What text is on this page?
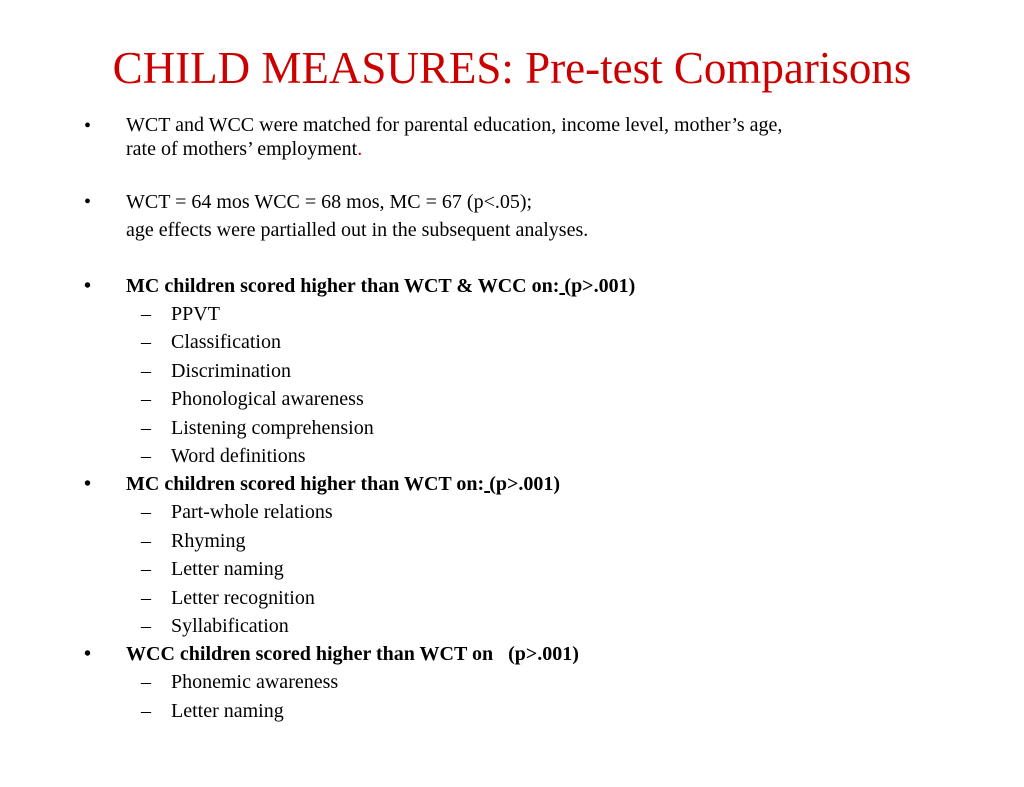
CHILD MEASURES: Pre-test Comparisons
• WCT and WCC were matched for parental education, income level, mother’s age,
rate of mothers’ employment.
• WCT = 64 mos WCC = 68 mos, MC = 67 (p<.05);
age effects were partialled out in the subsequent analyses.
• MC children scored higher than WCT & WCC on: (p>.001)
– PPVT
– Classification
– Discrimination
– Phonological awareness
– Listening comprehension
– Word definitions
• MC children scored higher than WCT on: (p>.001)
– Part-whole relations
– Rhyming
– Letter naming
– Letter recognition
– Syllabification
• WCC children scored higher than WCT on   (p>.001)
– Phonemic awareness
– Letter naming
